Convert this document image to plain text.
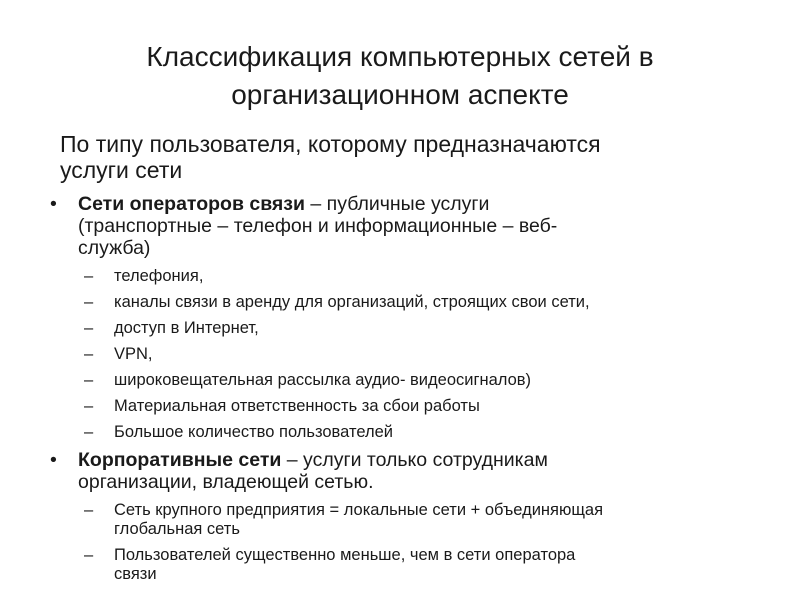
Классификация компьютерных сетей в
организационном аспекте
По типу пользователя, которому предназначаются
услуги сети
• Сети операторов связи – публичные услуги
(транспортные – телефон и информационные – веб-
служба)
– телефония,
– каналы связи в аренду для организаций, строящих свои сети,
– доступ в Интернет,
– VPN,
– широковещательная рассылка аудио- видеосигналов)
– Материальная ответственность за сбои работы
– Большое количество пользователей
• Корпоративные сети – услуги только сотрудникам
организации, владеющей сетью.
– Сеть крупного предприятия = локальные сети + объединяющая
глобальная сеть
– Пользователей существенно меньше, чем в сети оператора
связи
